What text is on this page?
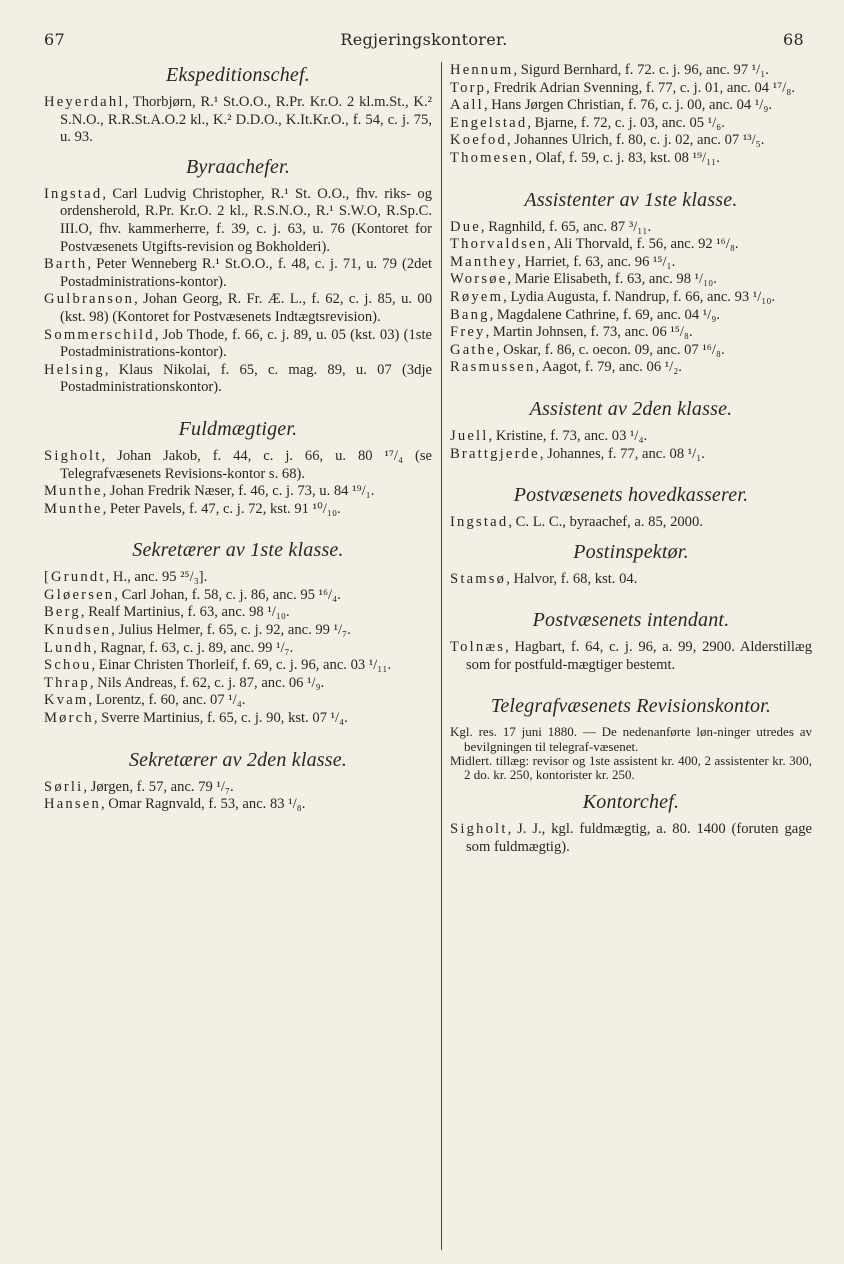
67	Regjeringskontorer.	68
Ekspeditionschef.

Heyerdahl, Thorbjørn, R.¹ St.O.O., R.Pr. Kr.O. 2 kl.m.St., K.² S.N.O., R.R.St.A.O.2 kl., K.² D.D.O., K.It.Kr.O., f. 54, c. j. 75, u. 93.

Byraachefer.

Ingstad, Carl Ludvig Christopher, R.¹ St. O.O., fhv. riks- og ordensherold, R.Pr. Kr.O. 2 kl., R.S.N.O., R.¹ S.W.O, R.Sp.C. III.O, fhv. kammerherre, f. 39, c. j. 63, u. 76 (Kontoret for Postvæsenets Utgifts-revision og Bokholderi).

Barth, Peter Wenneberg R.¹ St.O.O., f. 48, c. j. 71, u. 79 (2det Postadministrations-kontor).

Gulbranson, Johan Georg, R. Fr. Æ. L., f. 62, c. j. 85, u. 00 (kst. 98) (Kontoret for Postvæsenets Indtægtsrevision).

Sommerschild, Job Thode, f. 66, c. j. 89, u. 05 (kst. 03) (1ste Postadministrations-kontor).

Helsing, Klaus Nikolai, f. 65, c. mag. 89, u. 07 (3dje Postadministrationskontor).

Fuldmægtiger.

Sigholt, Johan Jakob, f. 44, c. j. 66, u. 80 ¹⁷/₄ (se Telegrafvæsenets Revisions-kontor s. 68).

Munthe, Johan Fredrik Næser, f. 46, c. j. 73, u. 84 ¹⁹/₁.

Munthe, Peter Pavels, f. 47, c. j. 72, kst. 91 ¹⁰/₁₀.

Sekretærer av 1ste klasse.

[Grundt, H., anc. 95 ²⁵/₃].

Gløersen, Carl Johan, f. 58, c. j. 86, anc. 95 ¹⁶/₄.

Berg, Realf Martinius, f. 63, anc. 98 ¹/₁₀.

Knudsen, Julius Helmer, f. 65, c. j. 92, anc. 99 ¹/₇.

Lundh, Ragnar, f. 63, c. j. 89, anc. 99 ¹/₇.

Schou, Einar Christen Thorleif, f. 69, c. j. 96, anc. 03 ¹/₁₁.

Thrap, Nils Andreas, f. 62, c. j. 87, anc. 06 ¹/₉.

Kvam, Lorentz, f. 60, anc. 07 ¹/₄.

Mørch, Sverre Martinius, f. 65, c. j. 90, kst. 07 ¹/₄.

Sekretærer av 2den klasse.

Sørli, Jørgen, f. 57, anc. 79 ¹/₇.

Hansen, Omar Ragnvald, f. 53, anc. 83 ¹/₈.

Hennum, Sigurd Bernhard, f. 72. c. j. 96, anc. 97 ¹/₁.

Torp, Fredrik Adrian Svenning, f. 77, c. j. 01, anc. 04 ¹⁷/₈.

Aall, Hans Jørgen Christian, f. 76, c. j. 00, anc. 04 ¹/₉.

Engelstad, Bjarne, f. 72, c. j. 03, anc. 05 ¹/₆.

Koefod, Johannes Ulrich, f. 80, c. j. 02, anc. 07 ¹³/₅.

Thomesen, Olaf, f. 59, c. j. 83, kst. 08 ¹⁹/₁₁.

Assistenter av 1ste klasse.

Due, Ragnhild, f. 65, anc. 87 ³/₁₁.

Thorvaldsen, Ali Thorvald, f. 56, anc. 92 ¹⁶/₈.

Manthey, Harriet, f. 63, anc. 96 ¹⁵/₁.

Worsøe, Marie Elisabeth, f. 63, anc. 98 ¹/₁₀.

Røyem, Lydia Augusta, f. Nandrup, f. 66, anc. 93 ¹/₁₀.

Bang, Magdalene Cathrine, f. 69, anc. 04 ¹/₉.

Frey, Martin Johnsen, f. 73, anc. 06 ¹⁵/₈.

Gathe, Oskar, f. 86, c. oecon. 09, anc. 07 ¹⁶/₈.

Rasmussen, Aagot, f. 79, anc. 06 ¹/₂.

Assistent av 2den klasse.

Juell, Kristine, f. 73, anc. 03 ¹/₄.

Brattgjerde, Johannes, f. 77, anc. 08 ¹/₁.

Postvæsenets hovedkasserer.

Ingstad, C. L. C., byraachef, a. 85, 2000.

Postinspektør.

Stamsø, Halvor, f. 68, kst. 04.

Postvæsenets intendant.

Tolnæs, Hagbart, f. 64, c. j. 96, a. 99, 2900. Alderstillæg som for postfuld-mægtiger bestemt.

Telegrafvæsenets Revisionskontor.

Kgl. res. 17 juni 1880. — De nedenanførte løn-ninger utredes av bevilgningen til telegraf-væsenet.

Midlert. tillæg: revisor og 1ste assistent kr. 400, 2 assistenter kr. 300, 2 do. kr. 250, kontorister kr. 250.

Kontorchef.

Sigholt, J. J., kgl. fuldmægtig, a. 80. 1400 (foruten gage som fuldmægtig).
